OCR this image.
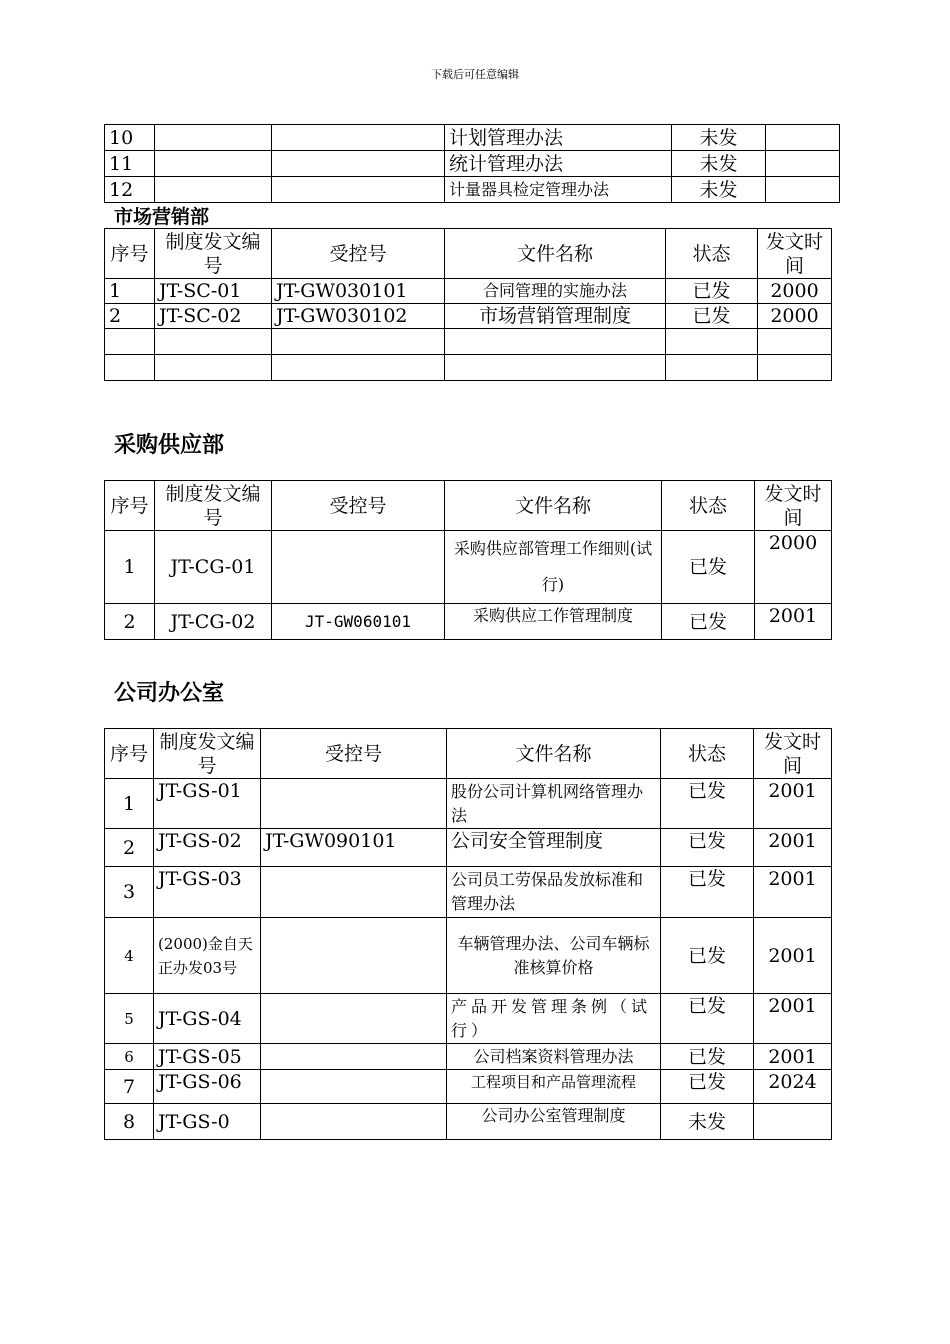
下载后可任意编辑
10			计划管理办法	未发	
11			统计管理办法	未发	
12			计量器具检定管理办法	未发	
市场营销部
序号	制度发文编号	受控号	文件名称	状态	发文时间
1	JT-SC-01	JT-GW030101	合同管理的实施办法	已发	2000
2	JT-SC-02	JT-GW030102	市场营销管理制度	已发	2000

采购供应部
序号	制度发文编号	受控号	文件名称	状态	发文时间
1	JT-CG-01		采购供应部管理工作细则(试行)	已发	2000
2	JT-CG-02	JT-GW060101	采购供应工作管理制度	已发	2001
公司办公室
序号	制度发文编号	受控号	文件名称	状态	发文时间
1	JT-GS-01		股份公司计算机网络管理办法	已发	2001
2	JT-GS-02	JT-GW090101	公司安全管理制度	已发	2001
3	JT-GS-03		公司员工劳保品发放标准和管理办法	已发	2001
4	(2000)金自天正办发03号		车辆管理办法、公司车辆标准核算价格	已发	2001
5	JT-GS-04		产品开发管理条例（试行）	已发	2001
6	JT-GS-05		公司档案资料管理办法	已发	2001
7	JT-GS-06		工程项目和产品管理流程	已发	2024
8	JT-GS-0		公司办公室管理制度	未发	
